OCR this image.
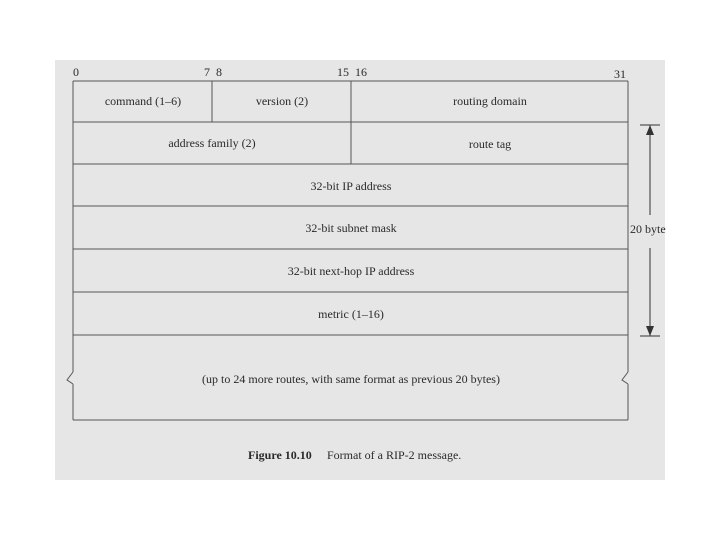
0	7 8	15 16	31
command (1–6)	version (2)	routing domain
address family (2)	route tag
32-bit IP address
32-bit subnet mask
32-bit next-hop IP address
metric (1–16)
(up to 24 more routes, with same format as previous 20 bytes)
20 byte
Figure 10.10 Format of a RIP-2 message.
